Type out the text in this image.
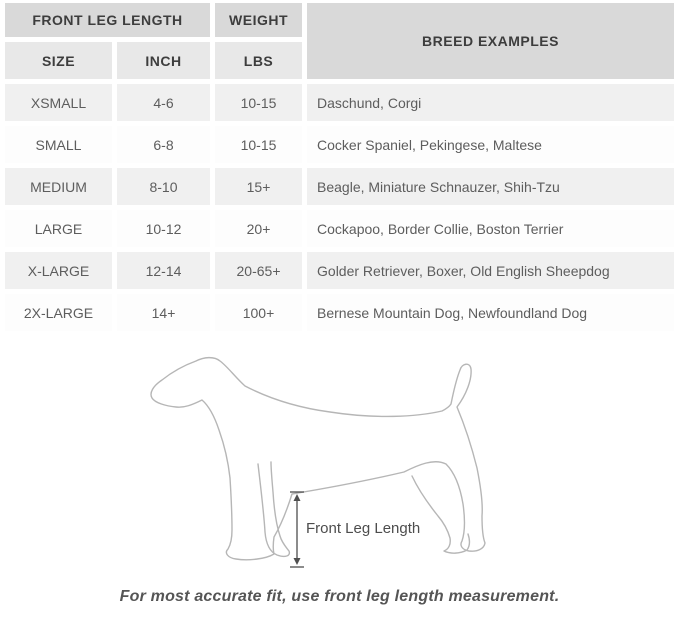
FRONT LEG LENGTH		WEIGHT	BREED EXAMPLES
SIZE	INCH	LBS	
XSMALL	4-6	10-15	Daschund, Corgi
SMALL	6-8	10-15	Cocker Spaniel, Pekingese, Maltese
MEDIUM	8-10	15+	Beagle, Miniature Schnauzer, Shih-Tzu
LARGE	10-12	20+	Cockapoo, Border Collie, Boston Terrier
X-LARGE	12-14	20-65+	Golder Retriever, Boxer, Old English Sheepdog
2X-LARGE	14+	100+	Bernese Mountain Dog, Newfoundland Dog
Front Leg Length
For most accurate fit, use front leg length measurement.
